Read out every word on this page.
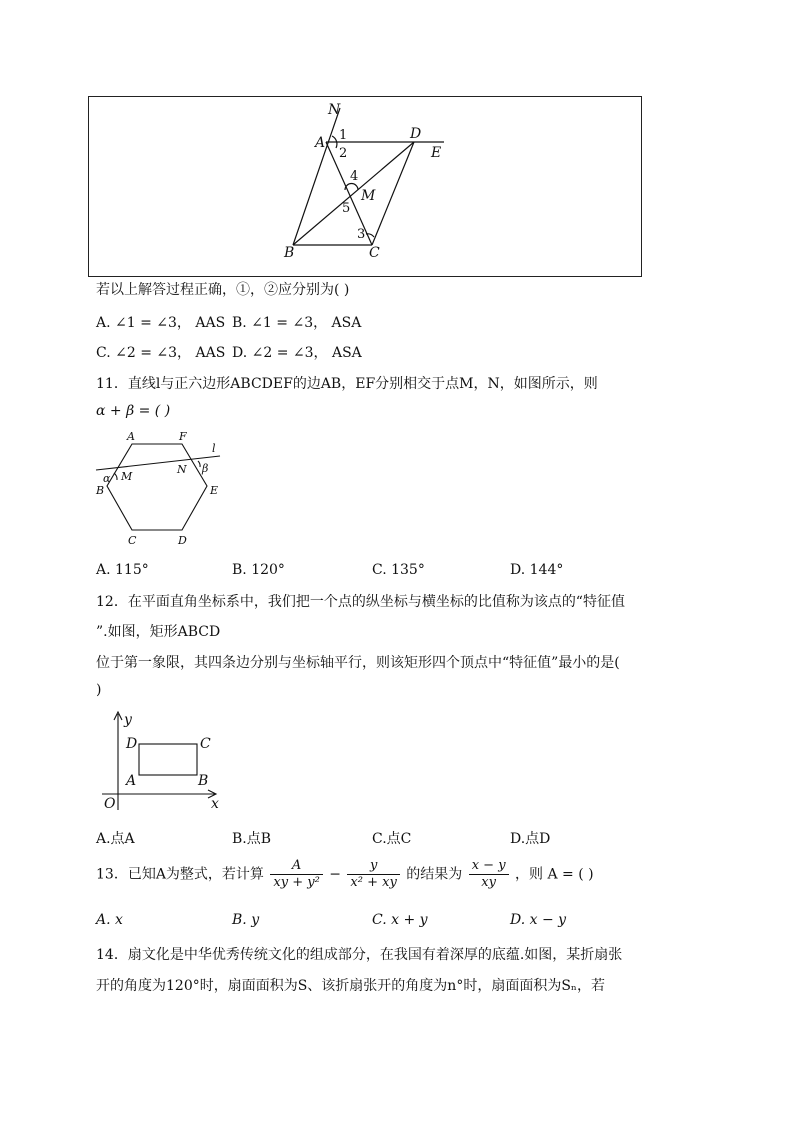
N
A
D
E
M
B	C
1
2
4
5
3
若以上解答过程正确，①，②应分别为( )
A. ∠1 = ∠3， AAS B. ∠1 = ∠3， ASA
C. ∠2 = ∠3， AAS D. ∠2 = ∠3， ASA
11．直线l与正六边形ABCDEF的边AB，EF分别相交于点M，N，如图所示，则
α + β = ( )
A	F
l
N β
α M
B	E
C	D
A. 115°	B. 120°	C. 135°	D. 144°
12．在平面直角坐标系中，我们把一个点的纵坐标与横坐标的比值称为该点的“特征值
”.如图，矩形ABCD
位于第一象限，其四条边分别与坐标轴平行，则该矩形四个顶点中“特征值”最小的是(
)
y
x
O
A	B
C
D
A.点A	B.点B	C.点C	D.点D
13．已知A为整式，若计算 $\frac{A}{\text{xy + y²}} - \frac{y}{\text{x² + xy}}$ 的结果为 $\frac{x - y}{xy}$ ，则 A = ( )
A. x	B. y	C. x + y	D. x − y
14．扇文化是中华优秀传统文化的组成部分，在我国有着深厚的底蕴.如图，某折扇张
开的角度为120°时，扇面面积为S、该折扇张开的角度为n°时，扇面面积为Sₙ，若
